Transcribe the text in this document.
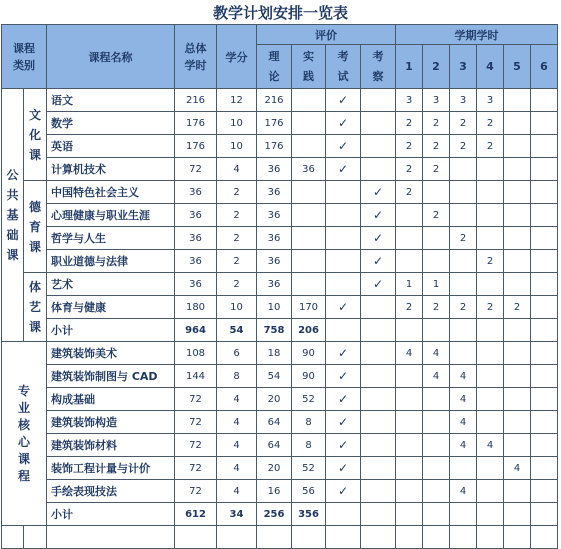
教学计划安排一览表
课程类别		课程名称	总体学时	学分	评价				学期学时					
					理论	实践	考试	考察	1	2	3	4	5	6
公共基础课	文化课	语文	216	12	216		✓		3	3	3	3		
		数学	176	10	176		✓		2	2	2	2		
		英语	176	10	176		✓		2	2	2	2		
		计算机技术	72	4	36	36	✓		2	2				
	德育课	中国特色社会主义	36	2	36			✓	2					
		心理健康与职业生涯	36	2	36			✓		2				
		哲学与人生	36	2	36			✓			2			
		职业道德与法律	36	2	36			✓				2		
	体艺课	艺术	36	2	36			✓	1	1				
		体育与健康	180	10	10	170	✓		2	2	2	2	2	
		小计	964	54	758	206								
专业核心课程		建筑装饰美术	108	6	18	90	✓		4	4				
		建筑装饰制图与 CAD	144	8	54	90	✓			4	4			
		构成基础	72	4	20	52	✓				4			
		建筑装饰构造	72	4	64	8	✓				4			
		建筑装饰材料	72	4	64	8	✓				4	4		
		装饰工程计量与计价	72	4	20	52	✓						4	
		手绘表现技法	72	4	16	56	✓				4			
		小计	612	34	256	356								
